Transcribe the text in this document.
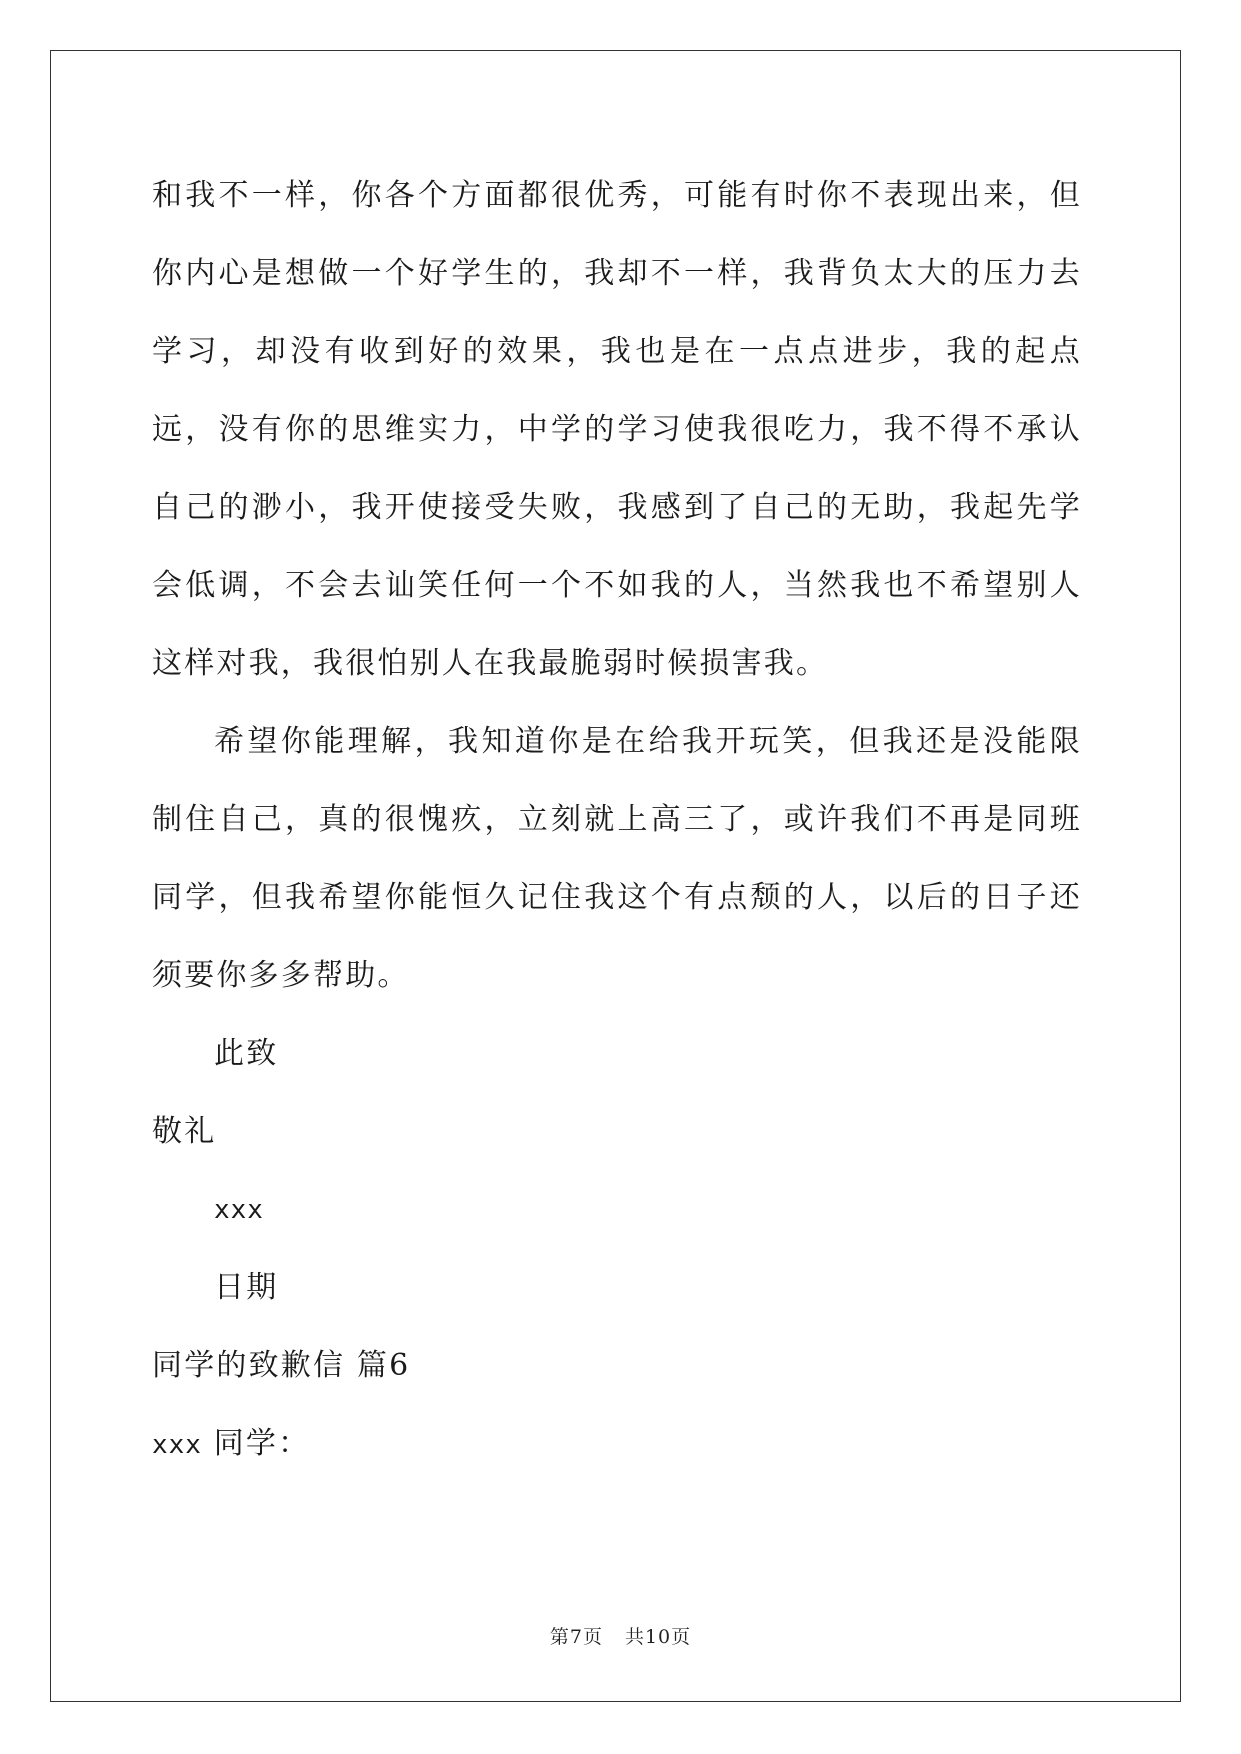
和我不一样，你各个方面都很优秀，可能有时你不表现出来，但你内心是想做一个好学生的，我却不一样，我背负太大的压力去学习，却没有收到好的效果，我也是在一点点进步，我的起点远，没有你的思维实力，中学的学习使我很吃力，我不得不承认自己的渺小，我开使接受失败，我感到了自己的无助，我起先学会低调，不会去讪笑任何一个不如我的人，当然我也不希望别人这样对我，我很怕别人在我最脆弱时候损害我。

希望你能理解，我知道你是在给我开玩笑，但我还是没能限制住自己，真的很愧疚，立刻就上高三了，或许我们不再是同班同学，但我希望你能恒久记住我这个有点颓的人，以后的日子还须要你多多帮助。

此致

敬礼

xxx

日期

同学的致歉信 篇6

xxx 同学：

第7页 共10页
